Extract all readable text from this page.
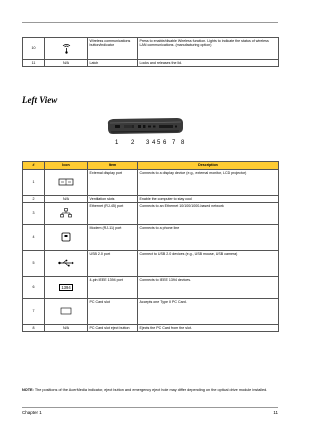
10		Wireless communications button/indicator	Press to enable/disable Wireless function. Lights to indicate the status of wireless LAN communications. (manufacturing option)
11	N/A	Latch	Locks and releases the lid.
Left View
1 2 3 4 5 6 7 8
#	Icon	Item	Description
1		External display port	Connects to a display device (e.g., external monitor, LCD projector)
2	N/A	Ventilation slots	Enable the computer to stay cool
3		Ethernet (RJ-45) port	Connects to an Ethernet 10/100/1000-based network
4		Modem (RJ-11) port	Connects to a phone line
5		USB 2.0 port	Connect to USB 2.0 devices (e.g., USB mouse, USB camera)
6	1394	4-pin IEEE 1394 port	Connects to IEEE 1394 devices.
7		PC Card slot	Accepts one Type II PC Card.
8	N/A	PC Card slot eject button	Ejects the PC Card from the slot.
NOTE: The positions of the AcerMedia indicator, eject button and emergency eject hole may differ depending on the optical drive module installed.
Chapter 1	11
